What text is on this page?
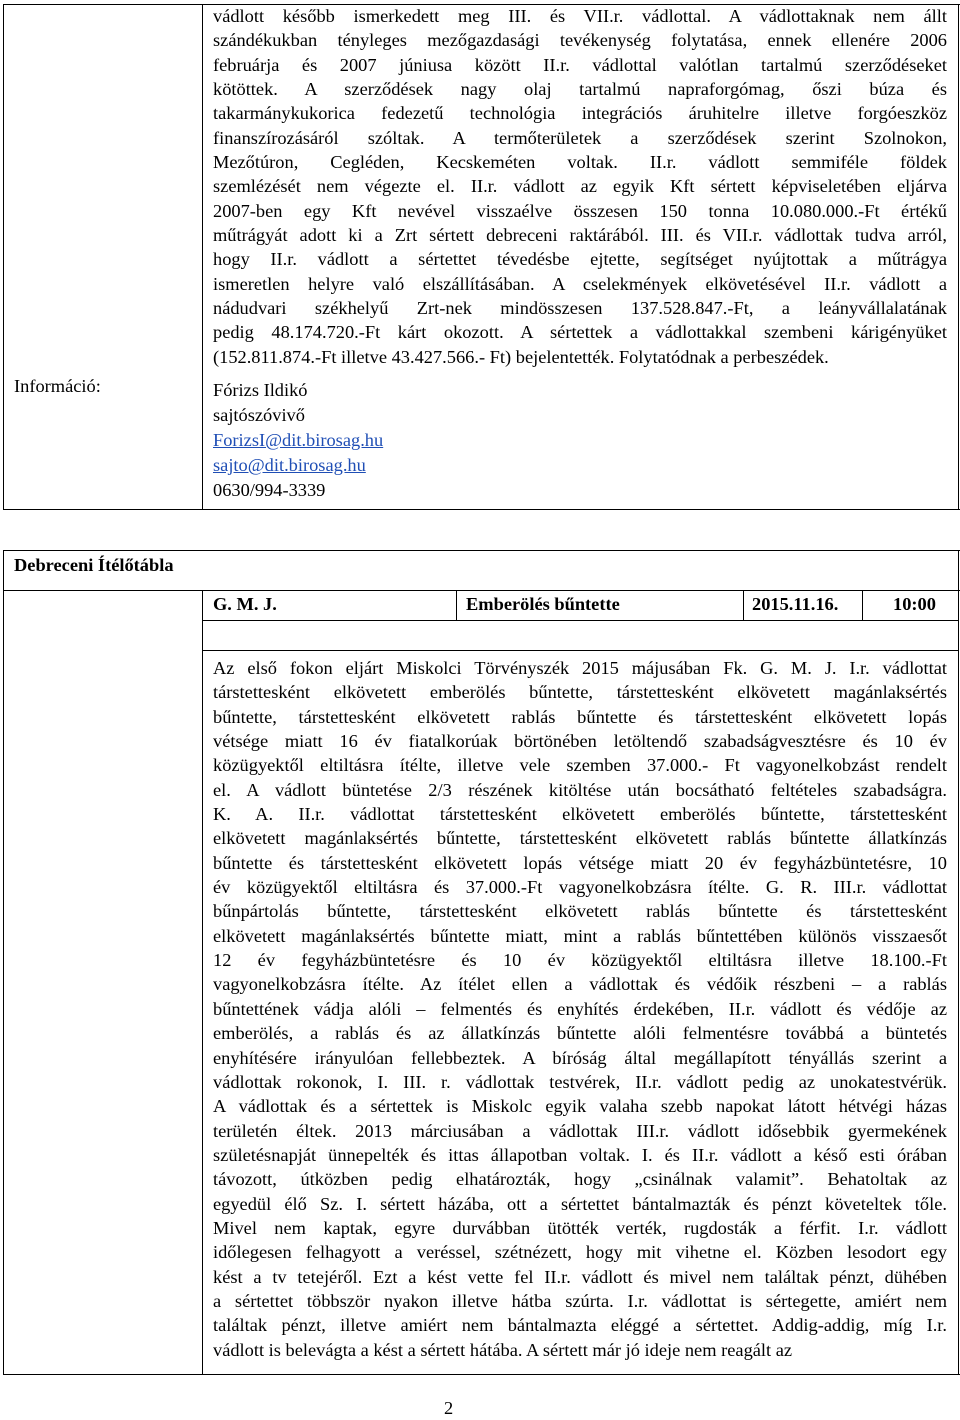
Információ:
vádlott később ismerkedett meg III. és VII.r. vádlottal. A vádlottaknak nem állt
szándékukban tényleges mezőgazdasági tevékenység folytatása, ennek ellenére 2006
februárja és 2007 júniusa között II.r. vádlottal valótlan tartalmú szerződéseket
kötöttek. A szerződések nagy olaj tartalmú napraforgómag, őszi búza és
takarmánykukorica fedezetű technológia integrációs áruhitelre illetve forgóeszköz
finanszírozásáról szóltak. A termőterületek a szerződések szerint Szolnokon,
Mezőtúron, Cegléden, Kecskeméten voltak. II.r. vádlott semmiféle földek
szemlézését nem végezte el. II.r. vádlott az egyik Kft sértett képviseletében eljárva
2007-ben egy Kft nevével visszaélve összesen 150 tonna 10.080.000.-Ft értékű
műtrágyát adott ki a Zrt sértett debreceni raktárából. III. és VII.r. vádlottak tudva arról,
hogy II.r. vádlott a sértettet tévedésbe ejtette, segítséget nyújtottak a műtrágya
ismeretlen helyre való elszállításában. A cselekmények elkövetésével II.r. vádlott a
nádudvari székhelyű Zrt-nek mindösszesen 137.528.847.-Ft, a leányvállalatának
pedig 48.174.720.-Ft kárt okozott. A sértettek a vádlottakkal szembeni kárigényüket
(152.811.874.-Ft illetve 43.427.566.- Ft) bejelentették. Folytatódnak a perbeszédek.
Fórizs Ildikó
sajtószóvivő
ForizsI@dit.birosag.hu
sajto@dit.birosag.hu
0630/994-3339
Debreceni Ítélőtábla
G. M. J.	Emberölés bűntette	2015.11.16.	10:00
Az első fokon eljárt Miskolci Törvényszék 2015 májusában Fk. G. M. J. I.r. vádlottat
társtettesként elkövetett emberölés bűntette, társtettesként elkövetett magánlaksértés
bűntette, társtettesként elkövetett rablás bűntette és társtettesként elkövetett lopás
vétsége miatt 16 év fiatalkorúak börtönében letöltendő szabadságvesztésre és 10 év
közügyektől eltiltásra ítélte, illetve vele szemben 37.000.- Ft vagyonelkobzást rendelt
el. A vádlott büntetése 2/3 részének kitöltése után bocsátható feltételes szabadságra.
K. A. II.r. vádlottat társtettesként elkövetett emberölés bűntette, társtettesként
elkövetett magánlaksértés bűntette, társtettesként elkövetett rablás bűntette állatkínzás
bűntette és társtettesként elkövetett lopás vétsége miatt 20 év fegyházbüntetésre, 10
év közügyektől eltiltásra és 37.000.-Ft vagyonelkobzásra ítélte. G. R. III.r. vádlottat
bűnpártolás bűntette, társtettesként elkövetett rablás bűntette és társtettesként
elkövetett magánlaksértés bűntette miatt, mint a rablás bűntettében különös visszaesőt
12 év fegyházbüntetésre és 10 év közügyektől eltiltásra illetve 18.100.-Ft
vagyonelkobzásra ítélte. Az ítélet ellen a vádlottak és védőik részbeni – a rablás
bűntettének vádja alóli – felmentés és enyhítés érdekében, II.r. vádlott és védője az
emberölés, a rablás és az állatkínzás bűntette alóli felmentésre továbbá a büntetés
enyhítésére irányulóan fellebbeztek. A bíróság által megállapított tényállás szerint a
vádlottak rokonok, I. III. r. vádlottak testvérek, II.r. vádlott pedig az unokatestvérük.
A vádlottak és a sértettek is Miskolc egyik valaha szebb napokat látott hétvégi házas
területén éltek. 2013 márciusában a vádlottak III.r. vádlott idősebbik gyermekének
születésnapját ünnepelték és ittas állapotban voltak. I. és II.r. vádlott a késő esti órában
távozott, útközben pedig elhatározták, hogy „csinálnak valamit”. Behatoltak az
egyedül élő Sz. I. sértett házába, ott a sértettet bántalmazták és pénzt követeltek tőle.
Mivel nem kaptak, egyre durvábban ütötték verték, rugdosták a férfit. I.r. vádlott
időlegesen felhagyott a veréssel, szétnézett, hogy mit vihetne el. Közben lesodort egy
kést a tv tetejéről. Ezt a kést vette fel II.r. vádlott és mivel nem találtak pénzt, dühében
a sértettet többször nyakon illetve hátba szúrta. I.r. vádlottat is sértegette, amiért nem
találtak pénzt, illetve amiért nem bántalmazta eléggé a sértettet. Addig-addig, míg I.r.
vádlott is belevágta a kést a sértett hátába. A sértett már jó ideje nem reagált az
2
